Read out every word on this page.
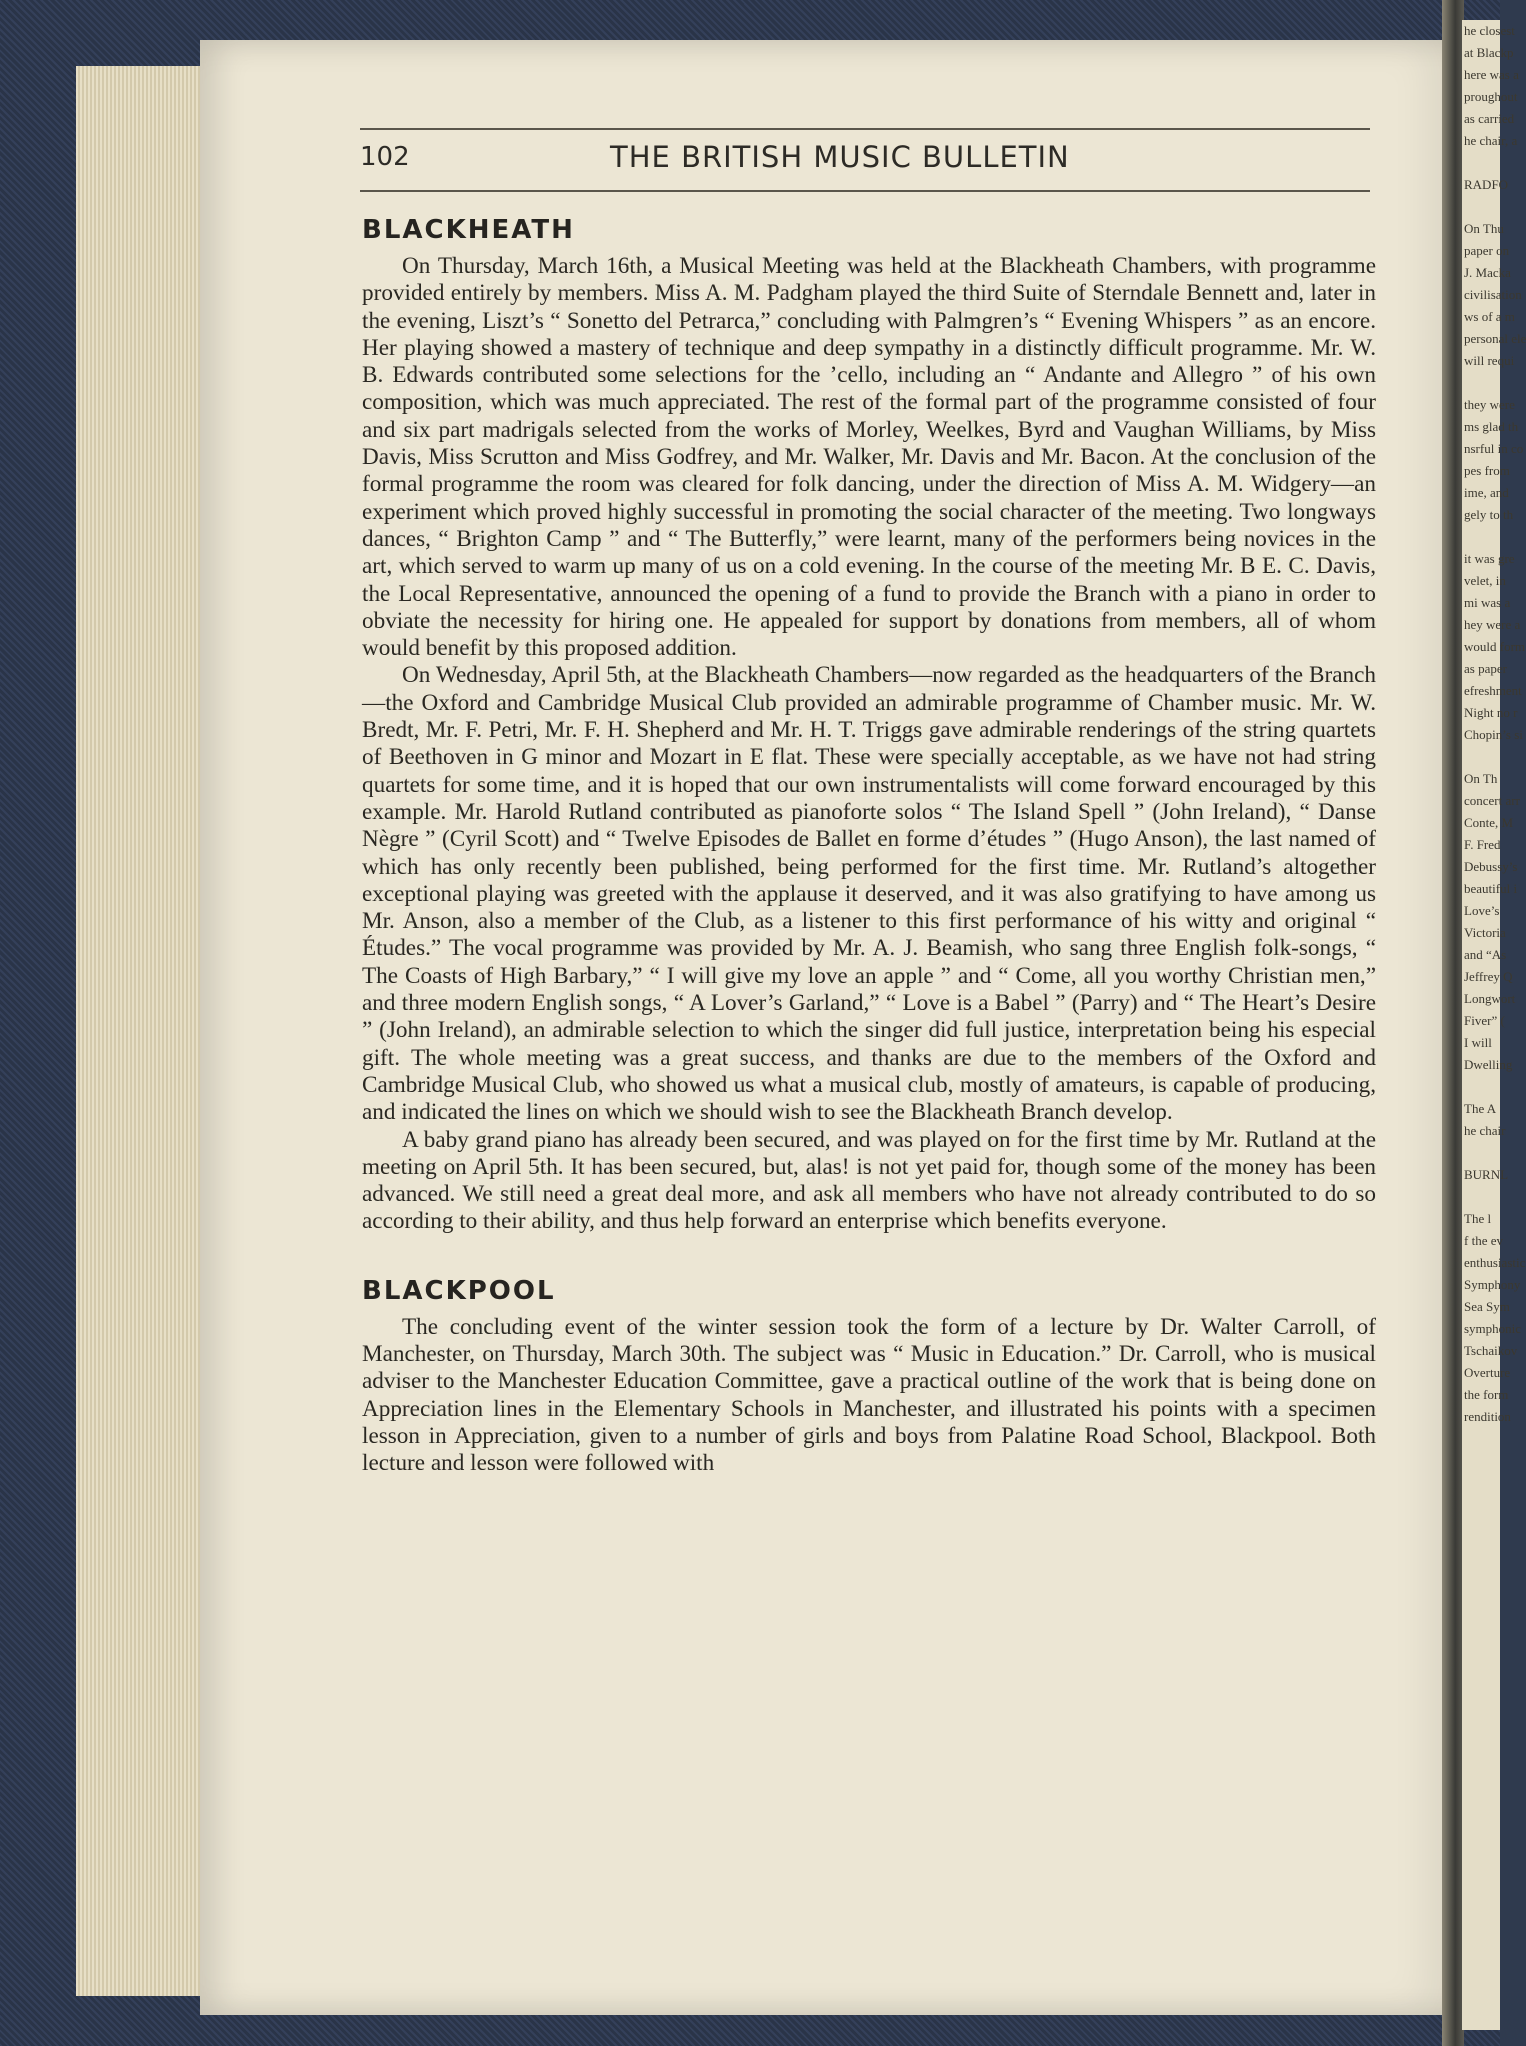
he closest
at Blackp
here was a
proughout
as carried
he chair, a

RADFO

On Thu
paper on
J. Macka
civilisation
ws of a m
personal ele
will requi

they were
ms glad th
nsrful in co
pes from
ime, and
gely to th

it was gre
velet, in
mi was a
hey were a
would form
as paper
efreshment
Night no r
Chopin’s si

On Th
concert arr
Conte, M
F. Fred
Debussy’s
beautiful i
Love’s
Victoria
and “As
Jeffrey Q
Longwort
Fiver” (
I will
Dwelling

The A
he chair

BURNL

The l
f the ev
enthusiastic
Symphony
Sea Sym
symphonic
Tschaikov
Overture
the form
rendition
102	THE BRITISH MUSIC BULLETIN
BLACKHEATH

On Thursday, March 16th, a Musical Meeting was held at the Blackheath Chambers, with programme provided entirely by members. Miss A. M. Padgham played the third Suite of Sterndale Bennett and, later in the evening, Liszt’s “ Sonetto del Petrarca,” concluding with Palmgren’s “ Evening Whispers ” as an encore. Her playing showed a mastery of technique and deep sympathy in a distinctly difficult programme. Mr. W. B. Edwards contributed some selections for the ’cello, including an “ Andante and Allegro ” of his own composition, which was much appreciated. The rest of the formal part of the programme consisted of four and six part madrigals selected from the works of Morley, Weelkes, Byrd and Vaughan Williams, by Miss Davis, Miss Scrutton and Miss Godfrey, and Mr. Walker, Mr. Davis and Mr. Bacon. At the conclusion of the formal programme the room was cleared for folk dancing, under the direction of Miss A. M. Widgery—an experiment which proved highly successful in promoting the social character of the meeting. Two longways dances, “ Brighton Camp ” and “ The Butterfly,” were learnt, many of the performers being novices in the art, which served to warm up many of us on a cold evening. In the course of the meeting Mr. B E. C. Davis, the Local Representative, announced the opening of a fund to provide the Branch with a piano in order to obviate the necessity for hiring one. He appealed for support by donations from members, all of whom would benefit by this proposed addition.

On Wednesday, April 5th, at the Blackheath Chambers—now regarded as the headquarters of the Branch—the Oxford and Cambridge Musical Club provided an admirable programme of Chamber music. Mr. W. Bredt, Mr. F. Petri, Mr. F. H. Shepherd and Mr. H. T. Triggs gave admirable renderings of the string quartets of Beethoven in G minor and Mozart in E flat. These were specially acceptable, as we have not had string quartets for some time, and it is hoped that our own instrumentalists will come forward encouraged by this example. Mr. Harold Rutland contributed as pianoforte solos “ The Island Spell ” (John Ireland), “ Danse Nègre ” (Cyril Scott) and “ Twelve Episodes de Ballet en forme d’études ” (Hugo Anson), the last named of which has only recently been published, being performed for the first time. Mr. Rutland’s altogether exceptional playing was greeted with the applause it deserved, and it was also gratifying to have among us Mr. Anson, also a member of the Club, as a listener to this first performance of his witty and original “ Études.” The vocal programme was provided by Mr. A. J. Beamish, who sang three English folk-songs, “ The Coasts of High Barbary,” “ I will give my love an apple ” and “ Come, all you worthy Christian men,” and three modern English songs, “ A Lover’s Garland,” “ Love is a Babel ” (Parry) and “ The Heart’s Desire ” (John Ireland), an admirable selection to which the singer did full justice, interpretation being his especial gift. The whole meeting was a great success, and thanks are due to the members of the Oxford and Cambridge Musical Club, who showed us what a musical club, mostly of amateurs, is capable of producing, and indicated the lines on which we should wish to see the Blackheath Branch develop.

A baby grand piano has already been secured, and was played on for the first time by Mr. Rutland at the meeting on April 5th. It has been secured, but, alas! is not yet paid for, though some of the money has been advanced. We still need a great deal more, and ask all members who have not already contributed to do so according to their ability, and thus help forward an enterprise which benefits everyone.

BLACKPOOL

The concluding event of the winter session took the form of a lecture by Dr. Walter Carroll, of Manchester, on Thursday, March 30th. The subject was “ Music in Education.” Dr. Carroll, who is musical adviser to the Manchester Education Committee, gave a practical outline of the work that is being done on Appreciation lines in the Elementary Schools in Manchester, and illustrated his points with a specimen lesson in Appreciation, given to a number of girls and boys from Palatine Road School, Blackpool. Both lecture and lesson were followed with
